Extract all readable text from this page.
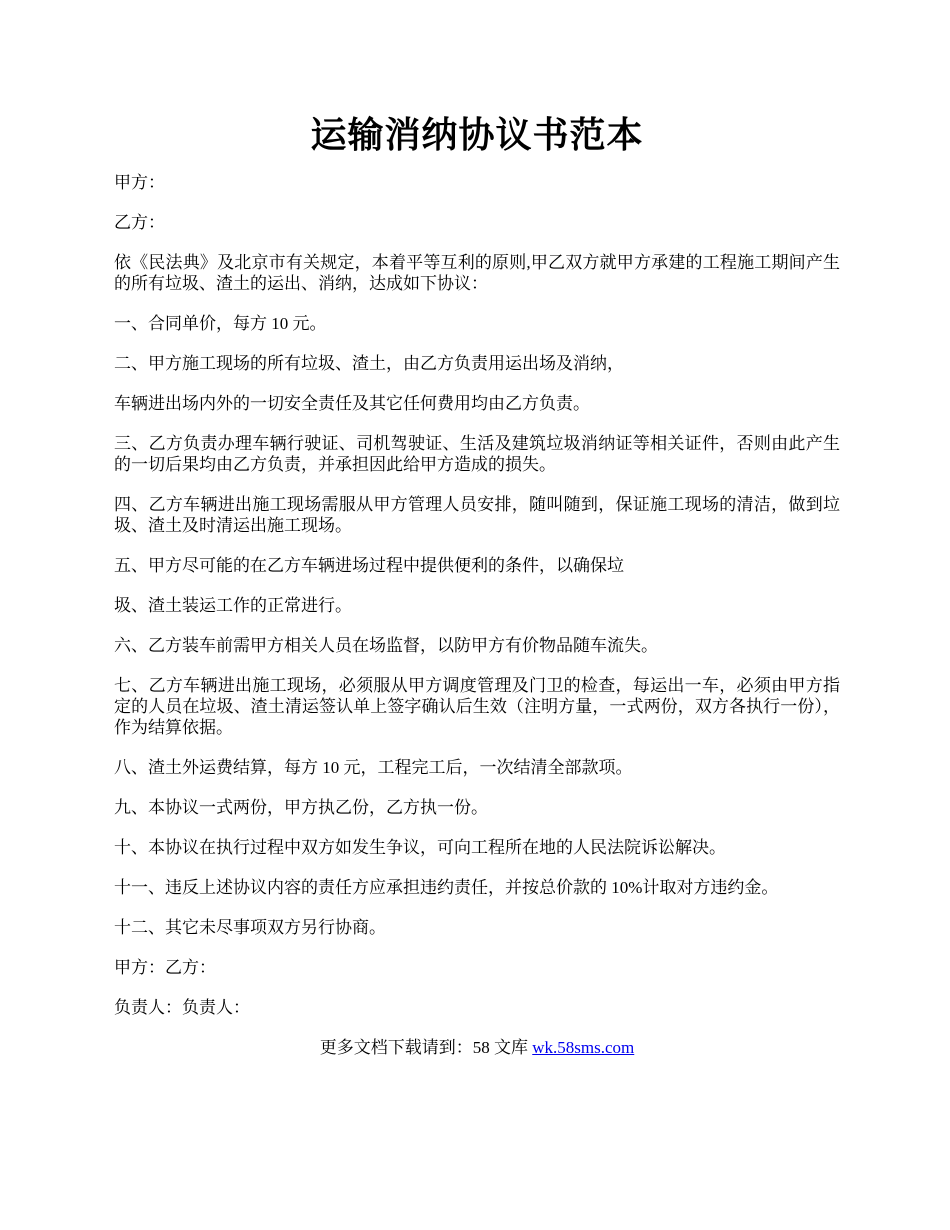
运输消纳协议书范本

甲方：

乙方：

依《民法典》及北京市有关规定，本着平等互利的原则,甲乙双方就甲方承建的工程施工期间产生的所有垃圾、渣土的运出、消纳，达成如下协议：

一、合同单价，每方 10 元。

二、甲方施工现场的所有垃圾、渣土，由乙方负责用运出场及消纳，

车辆进出场内外的一切安全责任及其它任何费用均由乙方负责。

三、乙方负责办理车辆行驶证、司机驾驶证、生活及建筑垃圾消纳证等相关证件，否则由此产生的一切后果均由乙方负责，并承担因此给甲方造成的损失。

四、乙方车辆进出施工现场需服从甲方管理人员安排，随叫随到，保证施工现场的清洁，做到垃圾、渣土及时清运出施工现场。

五、甲方尽可能的在乙方车辆进场过程中提供便利的条件，以确保垃

圾、渣土装运工作的正常进行。

六、乙方装车前需甲方相关人员在场监督，以防甲方有价物品随车流失。

七、乙方车辆进出施工现场，必须服从甲方调度管理及门卫的检查，每运出一车，必须由甲方指定的人员在垃圾、渣土清运签认单上签字确认后生效（注明方量，一式两份，双方各执行一份），作为结算依据。

八、渣土外运费结算，每方 10 元，工程完工后，一次结清全部款项。

九、本协议一式两份，甲方执乙份，乙方执一份。

十、本协议在执行过程中双方如发生争议，可向工程所在地的人民法院诉讼解决。

十一、违反上述协议内容的责任方应承担违约责任，并按总价款的 10%计取对方违约金。

十二、其它未尽事项双方另行协商。

甲方：乙方：

负责人：负责人：

更多文档下载请到：58 文库 wk.58sms.com
